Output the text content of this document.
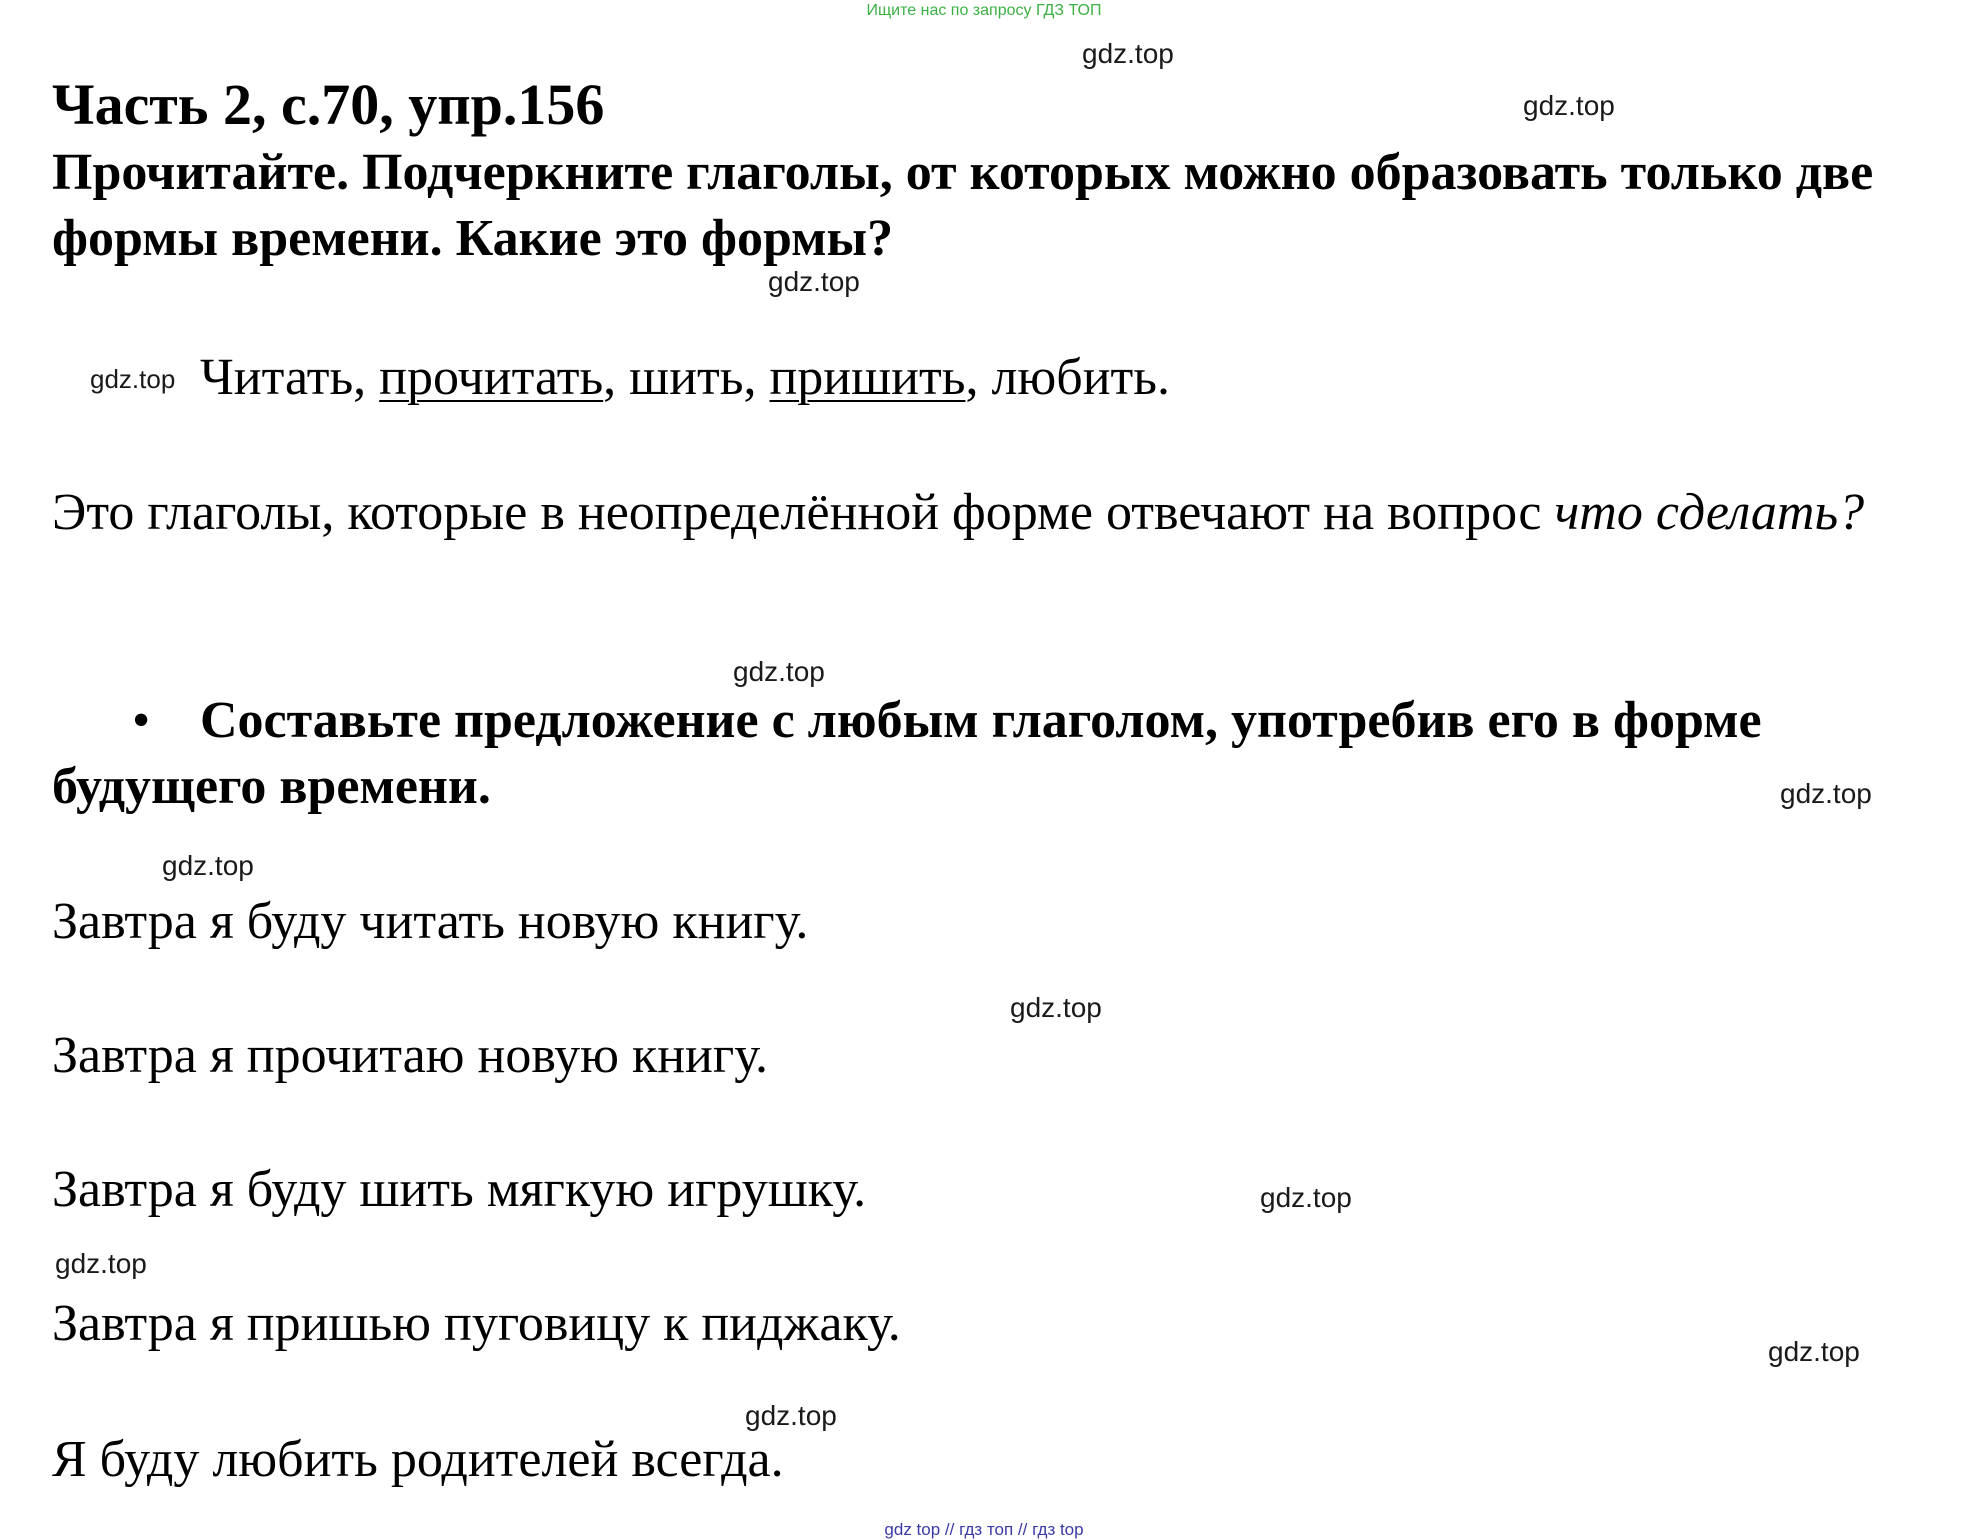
Ищите нас по запросу ГДЗ ТОП
gdz.top
gdz.top
gdz.top
gdz.top
gdz.top
gdz.top
gdz.top
gdz.top
gdz.top
gdz.top
gdz.top
gdz.top
Часть 2, с.70, упр.156
Прочитайте. Подчеркните глаголы, от которых можно образовать только две формы времени. Какие это формы?
Читать, прочитать, шить, пришить, любить.
Это глаголы, которые в неопределённой форме отвечают на вопрос что сделать?
• Составьте предложение с любым глаголом, употребив его в форме будущего времени.
Завтра я буду читать новую книгу.
Завтра я прочитаю новую книгу.
Завтра я буду шить мягкую игрушку.
Завтра я пришью пуговицу к пиджаку.
Я буду любить родителей всегда.
gdz top // гдз топ // гдз top
